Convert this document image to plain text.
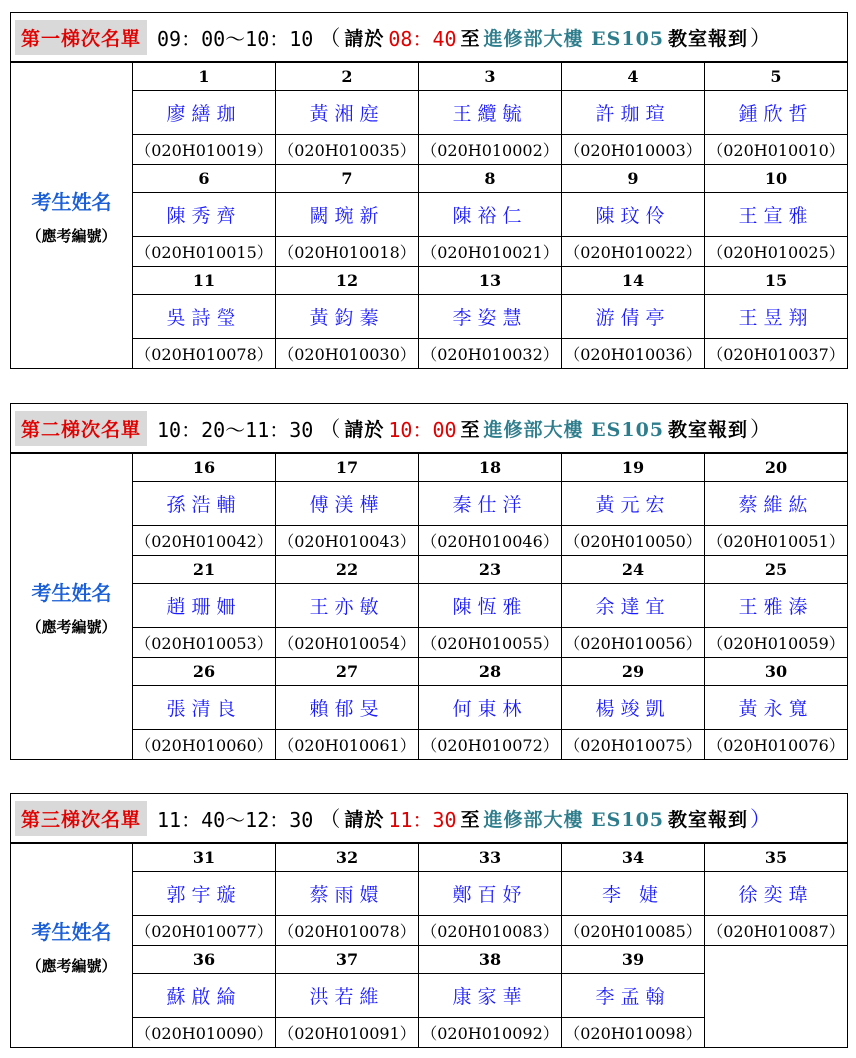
第一梯次名單 09：00～10：10 （ 請於 08：40 至 進修部大樓 ES105 教室報到 ）
考生姓名
（應考編號）	1	2	3	4	5
	廖繕珈	黃湘庭	王纜毓	許珈瑄	鍾欣哲
	（020H010019）	（020H010035）	（020H010002）	（020H010003）	（020H010010）
	6	7	8	9	10
	陳秀齊	闕琬新	陳裕仁	陳玟伶	王宣雅
	（020H010015）	（020H010018）	（020H010021）	（020H010022）	（020H010025）
	11	12	13	14	15
	吳詩瑩	黃鈞蓁	李姿慧	游倩亭	王昱翔
	（020H010078）	（020H010030）	（020H010032）	（020H010036）	（020H010037）
第二梯次名單 10：20～11：30 （ 請於 10：00 至 進修部大樓 ES105 教室報到 ）
考生姓名
（應考編號）	16	17	18	19	20
	孫浩輔	傅渼樺	秦仕洋	黃元宏	蔡維紘
	（020H010042）	（020H010043）	（020H010046）	（020H010050）	（020H010051）
	21	22	23	24	25
	趙珊姍	王亦敏	陳恆雅	余達宜	王雅溱
	（020H010053）	（020H010054）	（020H010055）	（020H010056）	（020H010059）
	26	27	28	29	30
	張清良	賴郁旻	何東林	楊竣凱	黃永寬
	（020H010060）	（020H010061）	（020H010072）	（020H010075）	（020H010076）
第三梯次名單 11：40～12：30 （ 請於 11：30 至 進修部大樓 ES105 教室報到 ）
考生姓名
（應考編號）	31	32	33	34	35
	郭宇璇	蔡雨嬛	鄭百妤	李 婕	徐奕瑋
	（020H010077）	（020H010078）	（020H010083）	（020H010085）	（020H010087）
	36	37	38	39	
	蘇啟綸	洪若維	康家華	李孟翰	
	（020H010090）	（020H010091）	（020H010092）	（020H010098）	
